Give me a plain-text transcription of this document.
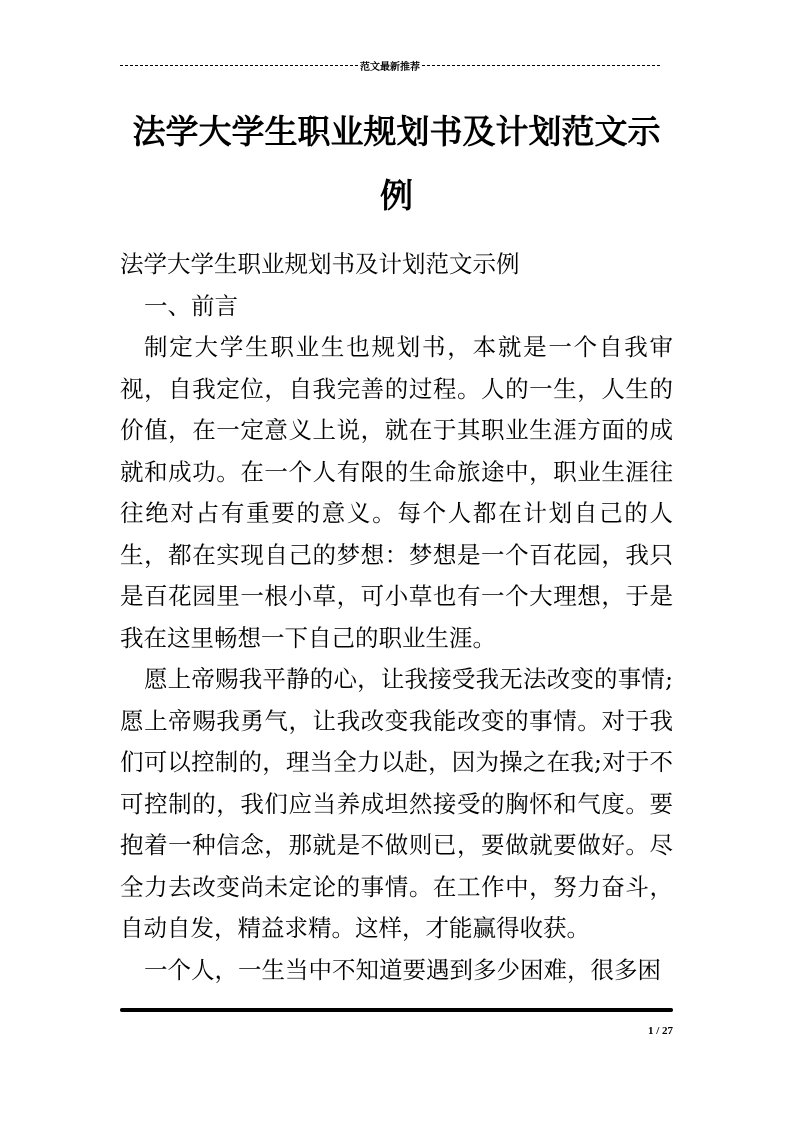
范文最新推荐
法学大学生职业规划书及计划范文示例

法学大学生职业规划书及计划范文示例

一、前言

制定大学生职业生也规划书，本就是一个自我审视，自我定位，自我完善的过程。人的一生，人生的价值，在一定意义上说，就在于其职业生涯方面的成就和成功。在一个人有限的生命旅途中，职业生涯往往绝对占有重要的意义。每个人都在计划自己的人生，都在实现自己的梦想：梦想是一个百花园，我只是百花园里一根小草，可小草也有一个大理想，于是我在这里畅想一下自己的职业生涯。

愿上帝赐我平静的心，让我接受我无法改变的事情;愿上帝赐我勇气，让我改变我能改变的事情。对于我们可以控制的，理当全力以赴，因为操之在我;对于不可控制的，我们应当养成坦然接受的胸怀和气度。要抱着一种信念，那就是不做则已，要做就要做好。尽全力去改变尚未定论的事情。在工作中，努力奋斗，自动自发，精益求精。这样，才能赢得收获。

一个人，一生当中不知道要遇到多少困难，很多困

1 / 27
